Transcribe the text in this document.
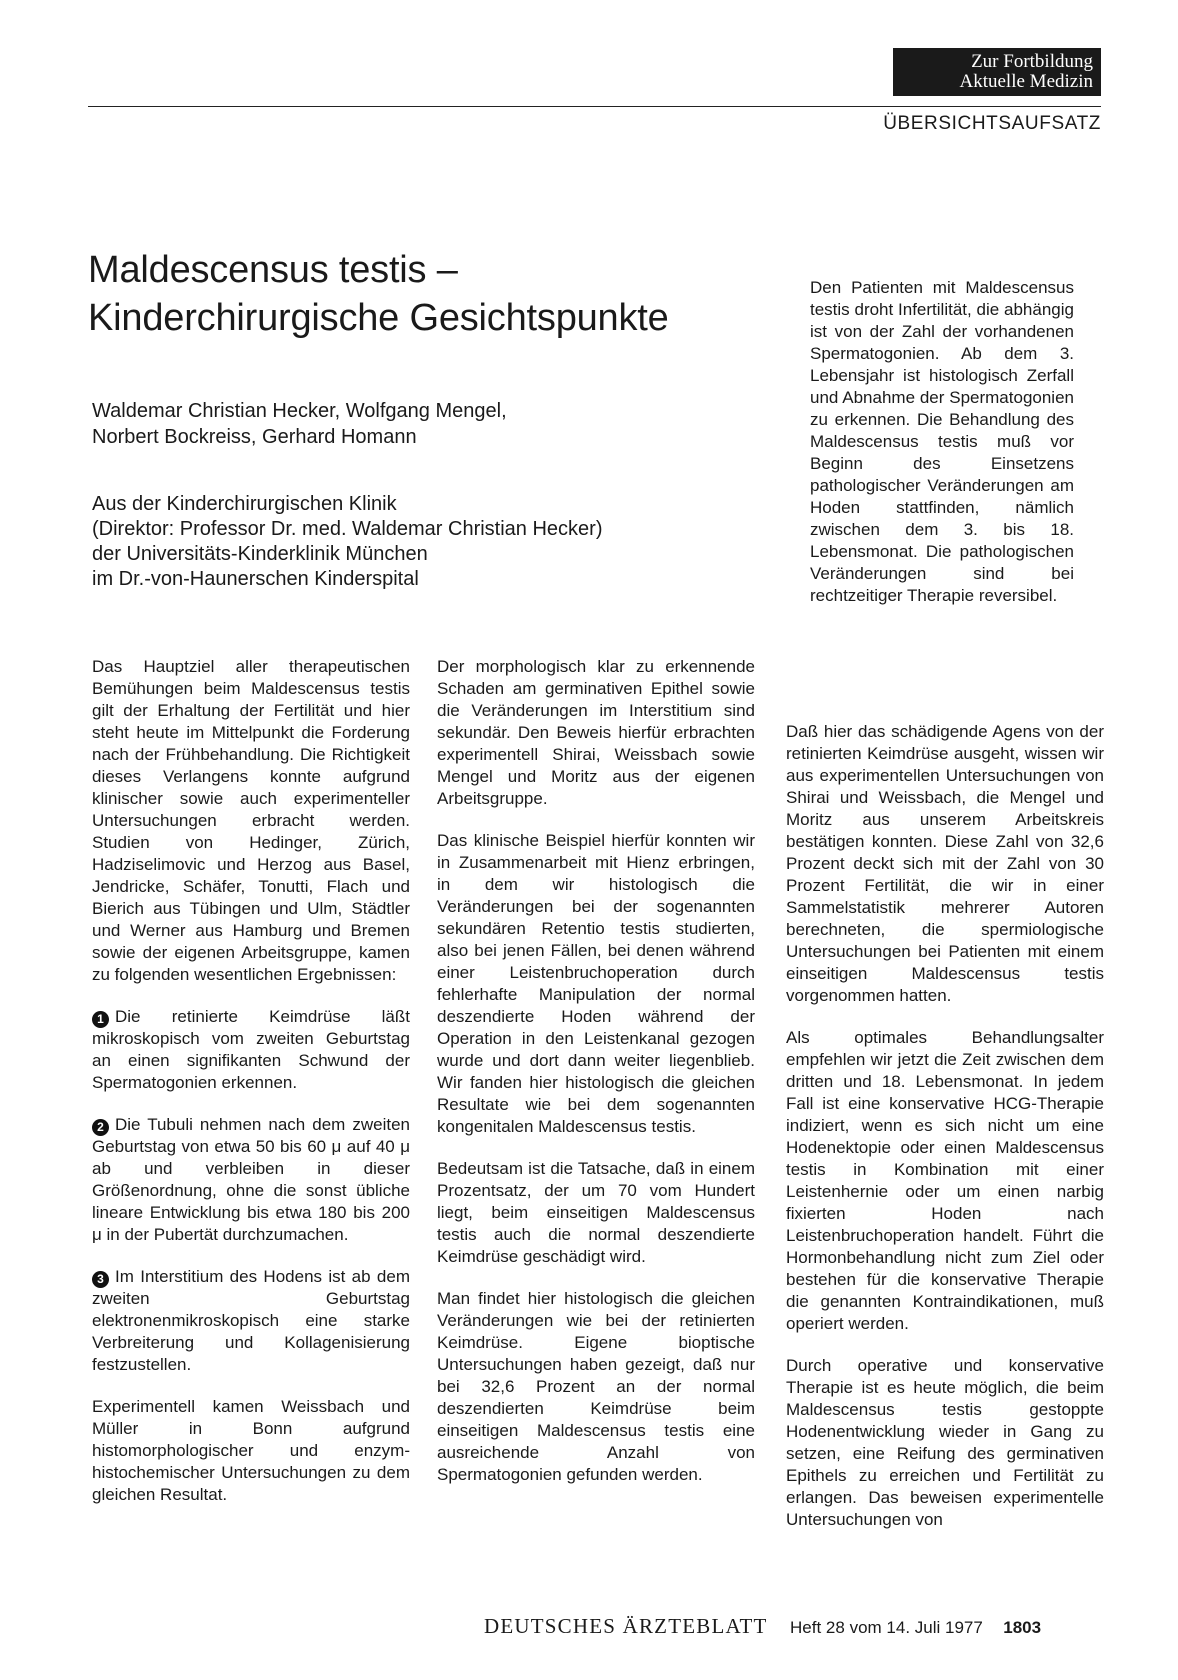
Zur Fortbildung
Aktuelle Medizin
ÜBERSICHTSAUFSATZ
Maldescensus testis –
Kinderchirurgische Gesichtspunkte
Waldemar Christian Hecker, Wolfgang Mengel,
Norbert Bockreiss, Gerhard Homann
Aus der Kinderchirurgischen Klinik
(Direktor: Professor Dr. med. Waldemar Christian Hecker)
der Universitäts-Kinderklinik München
im Dr.-von-Haunerschen Kinderspital
Den Patienten mit Maldescensus testis droht Infertilität, die abhängig ist von der Zahl der vorhandenen Spermatogonien. Ab dem 3. Lebensjahr ist histologisch Zerfall und Abnahme der Spermatogonien zu erkennen. Die Behandlung des Maldescensus testis muß vor Beginn des Einsetzens pathologischer Veränderungen am Hoden stattfinden, nämlich zwischen dem 3. bis 18. Lebensmonat. Die pathologischen Veränderungen sind bei rechtzeitiger Therapie reversibel.

Das Hauptziel aller therapeutischen Bemühungen beim Maldescensus testis gilt der Erhaltung der Fertilität und hier steht heute im Mittelpunkt die Forderung nach der Frühbehandlung. Die Richtigkeit dieses Verlangens konnte aufgrund klinischer sowie auch experimenteller Untersuchungen erbracht werden. Studien von Hedinger, Zürich, Hadziselimovic und Herzog aus Basel, Jendricke, Schäfer, Tonutti, Flach und Bierich aus Tübingen und Ulm, Städtler und Werner aus Hamburg und Bremen sowie der eigenen Arbeitsgruppe, kamen zu folgenden wesentlichen Ergebnissen:

1 Die retinierte Keimdrüse läßt mikroskopisch vom zweiten Geburtstag an einen signifikanten Schwund der Spermatogonien erkennen.

2 Die Tubuli nehmen nach dem zweiten Geburtstag von etwa 50 bis 60 μ auf 40 μ ab und verbleiben in dieser Größenordnung, ohne die sonst übliche lineare Entwicklung bis etwa 180 bis 200 μ in der Pubertät durchzumachen.

3 Im Interstitium des Hodens ist ab dem zweiten Geburtstag elektronenmikroskopisch eine starke Verbreiterung und Kollagenisierung festzustellen.

Experimentell kamen Weissbach und Müller in Bonn aufgrund histomorphologischer und enzym-histochemischer Untersuchungen zu dem gleichen Resultat.

Der morphologisch klar zu erkennende Schaden am germinativen Epithel sowie die Veränderungen im Interstitium sind sekundär. Den Beweis hierfür erbrachten experimentell Shirai, Weissbach sowie Mengel und Moritz aus der eigenen Arbeitsgruppe.

Das klinische Beispiel hierfür konnten wir in Zusammenarbeit mit Hienz erbringen, in dem wir histologisch die Veränderungen bei der sogenannten sekundären Retentio testis studierten, also bei jenen Fällen, bei denen während einer Leistenbruchoperation durch fehlerhafte Manipulation der normal deszendierte Hoden während der Operation in den Leistenkanal gezogen wurde und dort dann weiter liegenblieb. Wir fanden hier histologisch die gleichen Resultate wie bei dem sogenannten kongenitalen Maldescensus testis.

Bedeutsam ist die Tatsache, daß in einem Prozentsatz, der um 70 vom Hundert liegt, beim einseitigen Maldescensus testis auch die normal deszendierte Keimdrüse geschädigt wird.

Man findet hier histologisch die gleichen Veränderungen wie bei der retinierten Keimdrüse. Eigene bioptische Untersuchungen haben gezeigt, daß nur bei 32,6 Prozent an der normal deszendierten Keimdrüse beim einseitigen Maldescensus testis eine ausreichende Anzahl von Spermatogonien gefunden werden.

Daß hier das schädigende Agens von der retinierten Keimdrüse ausgeht, wissen wir aus experimentellen Untersuchungen von Shirai und Weissbach, die Mengel und Moritz aus unserem Arbeitskreis bestätigen konnten. Diese Zahl von 32,6 Prozent deckt sich mit der Zahl von 30 Prozent Fertilität, die wir in einer Sammelstatistik mehrerer Autoren berechneten, die spermiologische Untersuchungen bei Patienten mit einem einseitigen Maldescensus testis vorgenommen hatten.

Als optimales Behandlungsalter empfehlen wir jetzt die Zeit zwischen dem dritten und 18. Lebensmonat. In jedem Fall ist eine konservative HCG-Therapie indiziert, wenn es sich nicht um eine Hodenektopie oder einen Maldescensus testis in Kombination mit einer Leistenhernie oder um einen narbig fixierten Hoden nach Leistenbruchoperation handelt. Führt die Hormonbehandlung nicht zum Ziel oder bestehen für die konservative Therapie die genannten Kontraindikationen, muß operiert werden.

Durch operative und konservative Therapie ist es heute möglich, die beim Maldescensus testis gestoppte Hodenentwicklung wieder in Gang zu setzen, eine Reifung des germinativen Epithels zu erreichen und Fertilität zu erlangen. Das beweisen experimentelle Untersuchungen von

DEUTSCHES ÄRZTEBLATT Heft 28 vom 14. Juli 1977 1803
